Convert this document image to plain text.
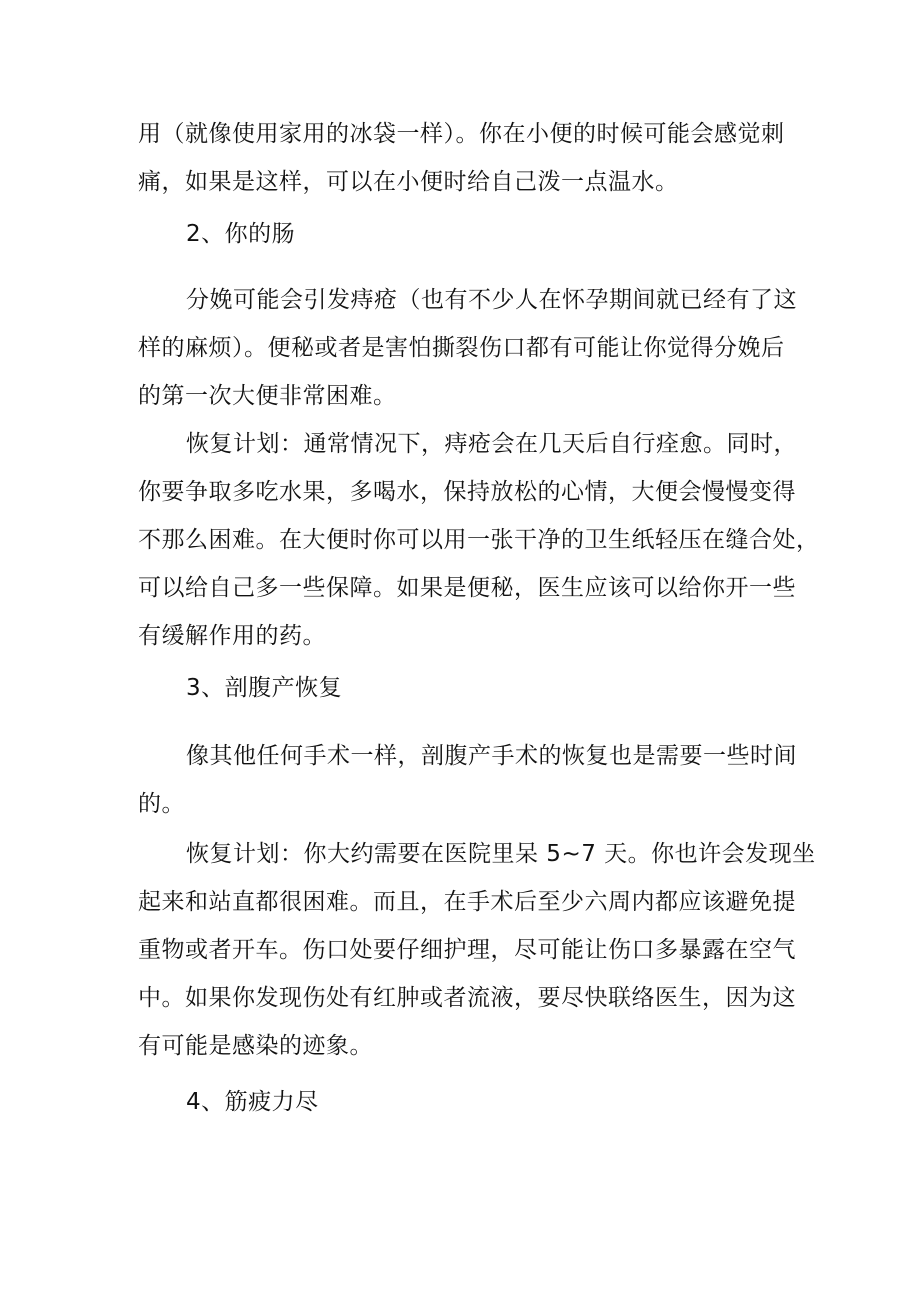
用（就像使用家用的冰袋一样）。你在小便的时候可能会感觉刺
痛，如果是这样，可以在小便时给自己泼一点温水。
2、你的肠
分娩可能会引发痔疮（也有不少人在怀孕期间就已经有了这
样的麻烦）。便秘或者是害怕撕裂伤口都有可能让你觉得分娩后
的第一次大便非常困难。
恢复计划：通常情况下，痔疮会在几天后自行痊愈。同时，
你要争取多吃水果，多喝水，保持放松的心情，大便会慢慢变得
不那么困难。在大便时你可以用一张干净的卫生纸轻压在缝合处，
可以给自己多一些保障。如果是便秘，医生应该可以给你开一些
有缓解作用的药。
3、剖腹产恢复
像其他任何手术一样，剖腹产手术的恢复也是需要一些时间
的。
恢复计划：你大约需要在医院里呆 5~7 天。你也许会发现坐
起来和站直都很困难。而且，在手术后至少六周内都应该避免提
重物或者开车。伤口处要仔细护理，尽可能让伤口多暴露在空气
中。如果你发现伤处有红肿或者流液，要尽快联络医生，因为这
有可能是感染的迹象。
4、筋疲力尽
